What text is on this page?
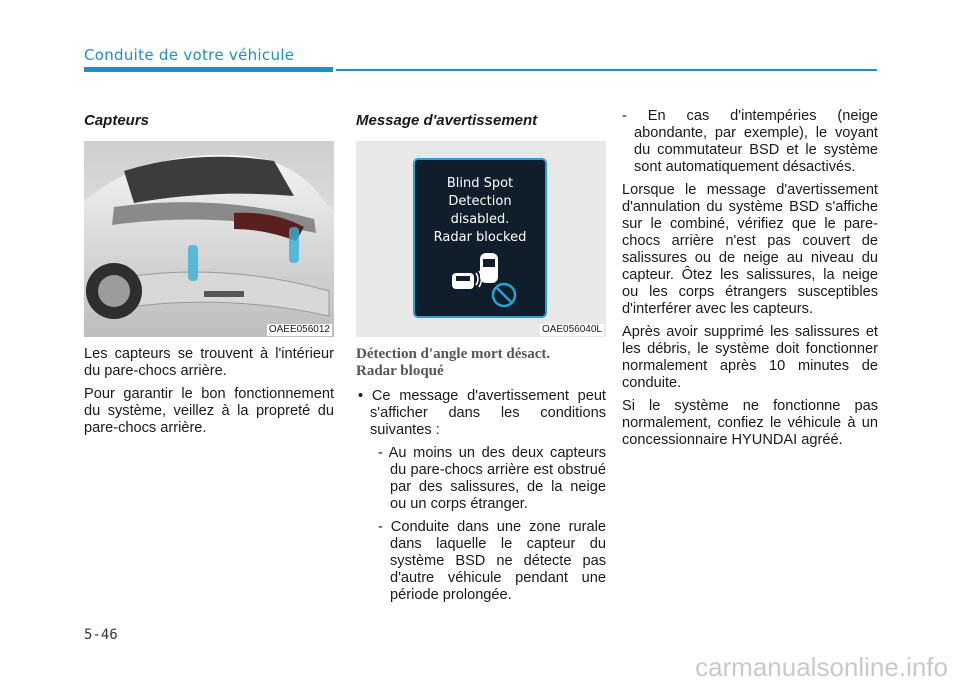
Conduite de votre véhicule
Capteurs
OAEE056012

Les capteurs se trouvent à l'intérieur du pare-chocs arrière.

Pour garantir le bon fonctionnement du système, veillez à la propreté du pare-chocs arrière.

Message d'avertissement
Blind Spot
Detection
disabled.
Radar blocked
OAE056040L
Détection d'angle mort désact.
Radar bloqué

• Ce message d'avertissement peut s'afficher dans les conditions suivantes :

- Au moins un des deux capteurs du pare-chocs arrière est obstrué par des salissures, de la neige ou un corps étranger.

- Conduite dans une zone rurale dans laquelle le capteur du système BSD ne détecte pas d'autre véhicule pendant une période prolongée.

- En cas d'intempéries (neige abondante, par exemple), le voyant du commutateur BSD et le système sont automatiquement désactivés.

Lorsque le message d'avertissement d'annulation du système BSD s'affiche sur le combiné, vérifiez que le pare-chocs arrière n'est pas couvert de salissures ou de neige au niveau du capteur. Ôtez les salissures, la neige ou les corps étrangers susceptibles d'interférer avec les capteurs.

Après avoir supprimé les salissures et les débris, le système doit fonctionner normalement après 10 minutes de conduite.

Si le système ne fonctionne pas normalement, confiez le véhicule à un concessionnaire HYUNDAI agréé.

5-46
carmanualsonline.info
